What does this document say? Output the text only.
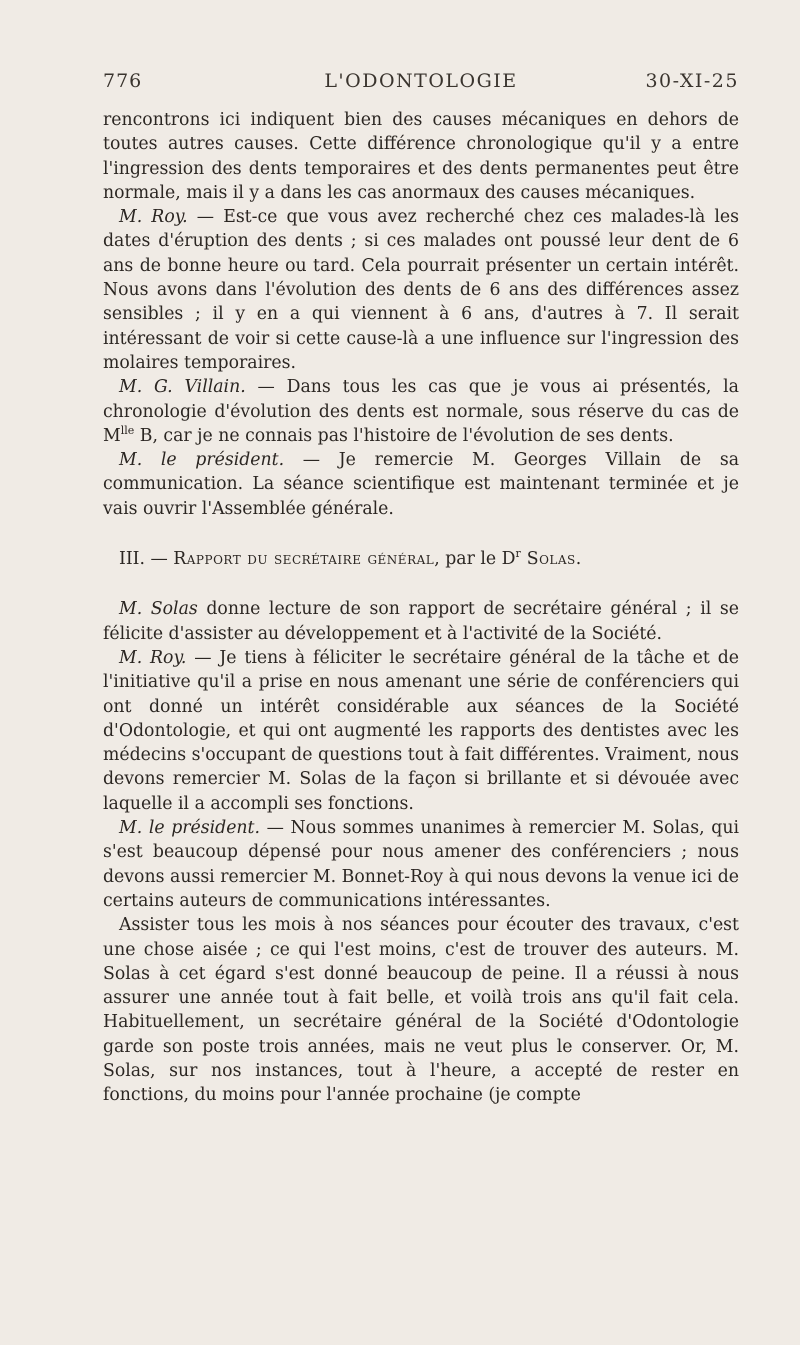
776	L'ODONTOLOGIE	30-XI-25

rencontrons ici indiquent bien des causes mécaniques en dehors de toutes autres causes. Cette différence chronologique qu'il y a entre l'ingression des dents temporaires et des dents permanentes peut être normale, mais il y a dans les cas anormaux des causes mécaniques.

M. Roy. — Est-ce que vous avez recherché chez ces malades-là les dates d'éruption des dents ; si ces malades ont poussé leur dent de 6 ans de bonne heure ou tard. Cela pourrait présenter un certain intérêt. Nous avons dans l'évolution des dents de 6 ans des différences assez sensibles ; il y en a qui viennent à 6 ans, d'autres à 7. Il serait intéressant de voir si cette cause-là a une influence sur l'ingression des molaires temporaires.

M. G. Villain. — Dans tous les cas que je vous ai présentés, la chronologie d'évolution des dents est normale, sous réserve du cas de $M^{lle}$ B, car je ne connais pas l'histoire de l'évolution de ses dents.

M. le président. — Je remercie M. Georges Villain de sa communication. La séance scientifique est maintenant terminée et je vais ouvrir l'Assemblée générale.

III. — Rapport du secrétaire général, par le $D^r$ Solas.

M. Solas donne lecture de son rapport de secrétaire général ; il se félicite d'assister au développement et à l'activité de la Société.

M. Roy. — Je tiens à féliciter le secrétaire général de la tâche et de l'initiative qu'il a prise en nous amenant une série de conférenciers qui ont donné un intérêt considérable aux séances de la Société d'Odontologie, et qui ont augmenté les rapports des dentistes avec les médecins s'occupant de questions tout à fait différentes. Vraiment, nous devons remercier M. Solas de la façon si brillante et si dévouée avec laquelle il a accompli ses fonctions.

M. le président. — Nous sommes unanimes à remercier M. Solas, qui s'est beaucoup dépensé pour nous amener des conférenciers ; nous devons aussi remercier M. Bonnet-Roy à qui nous devons la venue ici de certains auteurs de communications intéressantes.

Assister tous les mois à nos séances pour écouter des travaux, c'est une chose aisée ; ce qui l'est moins, c'est de trouver des auteurs. M. Solas à cet égard s'est donné beaucoup de peine. Il a réussi à nous assurer une année tout à fait belle, et voilà trois ans qu'il fait cela. Habituellement, un secrétaire général de la Société d'Odontologie garde son poste trois années, mais ne veut plus le conserver. Or, M. Solas, sur nos instances, tout à l'heure, a accepté de rester en fonctions, du moins pour l'année prochaine (je compte
